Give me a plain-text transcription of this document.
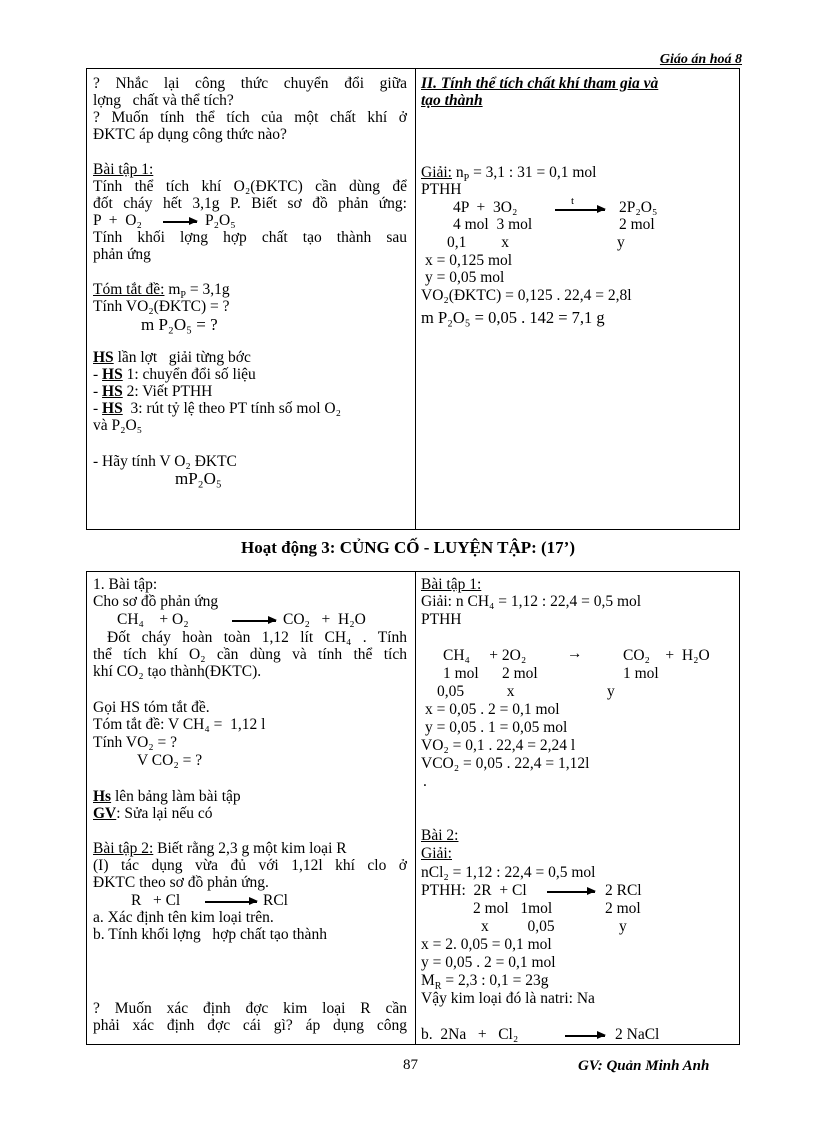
Giáo án hoá 8
? Nhắc lại công thức chuyển đổi giữa
lợng   chất và thể tích?
? Muốn tính thể tích của một chất khí ở
ĐKTC áp dụng công thức nào?
Bài tập 1:
Tính thể tích khí O₂(ĐKTC) cần dùng để
đốt cháy hết 3,1g P. Biết sơ đồ phản ứng:
P  +  O₂ → P₂O₅
Tính khối lợng hợp chất tạo thành sau
phản ứng
Tóm tắt đề: $m_P = 3,1g$
Tính VO₂(ĐKTC) = ?
m P₂O₅ = ?
HS lần lợt   giải từng bớc
- HS 1: chuyển đổi số liệu
- HS 2: Viết PTHH
- HS  3: rút tỷ lệ theo PT tính số mol O₂
và P₂O₅
- Hãy tính V O₂ ĐKTC
mP₂O₅
II. Tính thể tích chất khí tham gia và
tạo thành
Giải: $n_P = 3,1$ : 31 = 0,1 mol
PTHH
4P  +  3O₂	t	2P₂O₅
4 mol  3 mol	2 mol
0,1         x	y
x = 0,125 mol
y = 0,05 mol
VO₂(ĐKTC) = 0,125 . 22,4 = 2,8l
m P₂O₅ = 0,05 . 142 = 7,1 g
Hoạt động 3: CỦNG CỐ - LUYỆN TẬP: (17’)
1. Bài tập:
Cho sơ đồ phản ứng
CH₄    + O₂	CO₂   +  H₂O
Đốt cháy hoàn toàn 1,12 lít CH₄ . Tính
thể tích khí O₂ cần dùng và tính thể tích
khí CO₂ tạo thành(ĐKTC).
Gọi HS tóm tắt đề.
Tóm tắt đề: V CH₄ =  1,12 l
Tính VO₂ = ?
V CO₂ = ?
Hs lên bảng làm bài tập
GV: Sửa lại nếu có
Bài tập 2: Biết rằng 2,3 g một kim loại R
(I) tác dụng vừa đủ với 1,12l khí clo ở
ĐKTC theo sơ đồ phản ứng.
R   + Cl	RCl
a. Xác định tên kim loại trên.
b. Tính khối lợng   hợp chất tạo thành
? Muốn xác định đợc kim loại R cần
phải xác định đợc cái gì? áp dụng công
Bài tập 1:
Giải: n CH₄ = 1,12 : 22,4 = 0,5 mol
PTHH
CH₄     + 2O₂	→	CO₂    +  H₂O
1 mol      2 mol	1 mol
0,05           x	y
x = 0,05 . 2 = 0,1 mol
y = 0,05 . 1 = 0,05 mol
VO₂ = 0,1 . 22,4 = 2,24 l
VCO₂ = 0,05 . 22,4 = 1,12l
.
Bài 2:
Giải:
nCl₂ = 1,12 : 22,4 = 0,5 mol
PTHH:  2R  + Cl	2 RCl
2 mol   1mol	2 mol
x          0,05	y
x = 2. 0,05 = 0,1 mol
y = 0,05 . 2 = 0,1 mol
$M_R = 2,3$ : 0,1 = 23g
Vậy kim loại đó là natri: Na
b.  2Na   +   Cl₂	2 NaCl
87	GV: Quản Minh Anh
